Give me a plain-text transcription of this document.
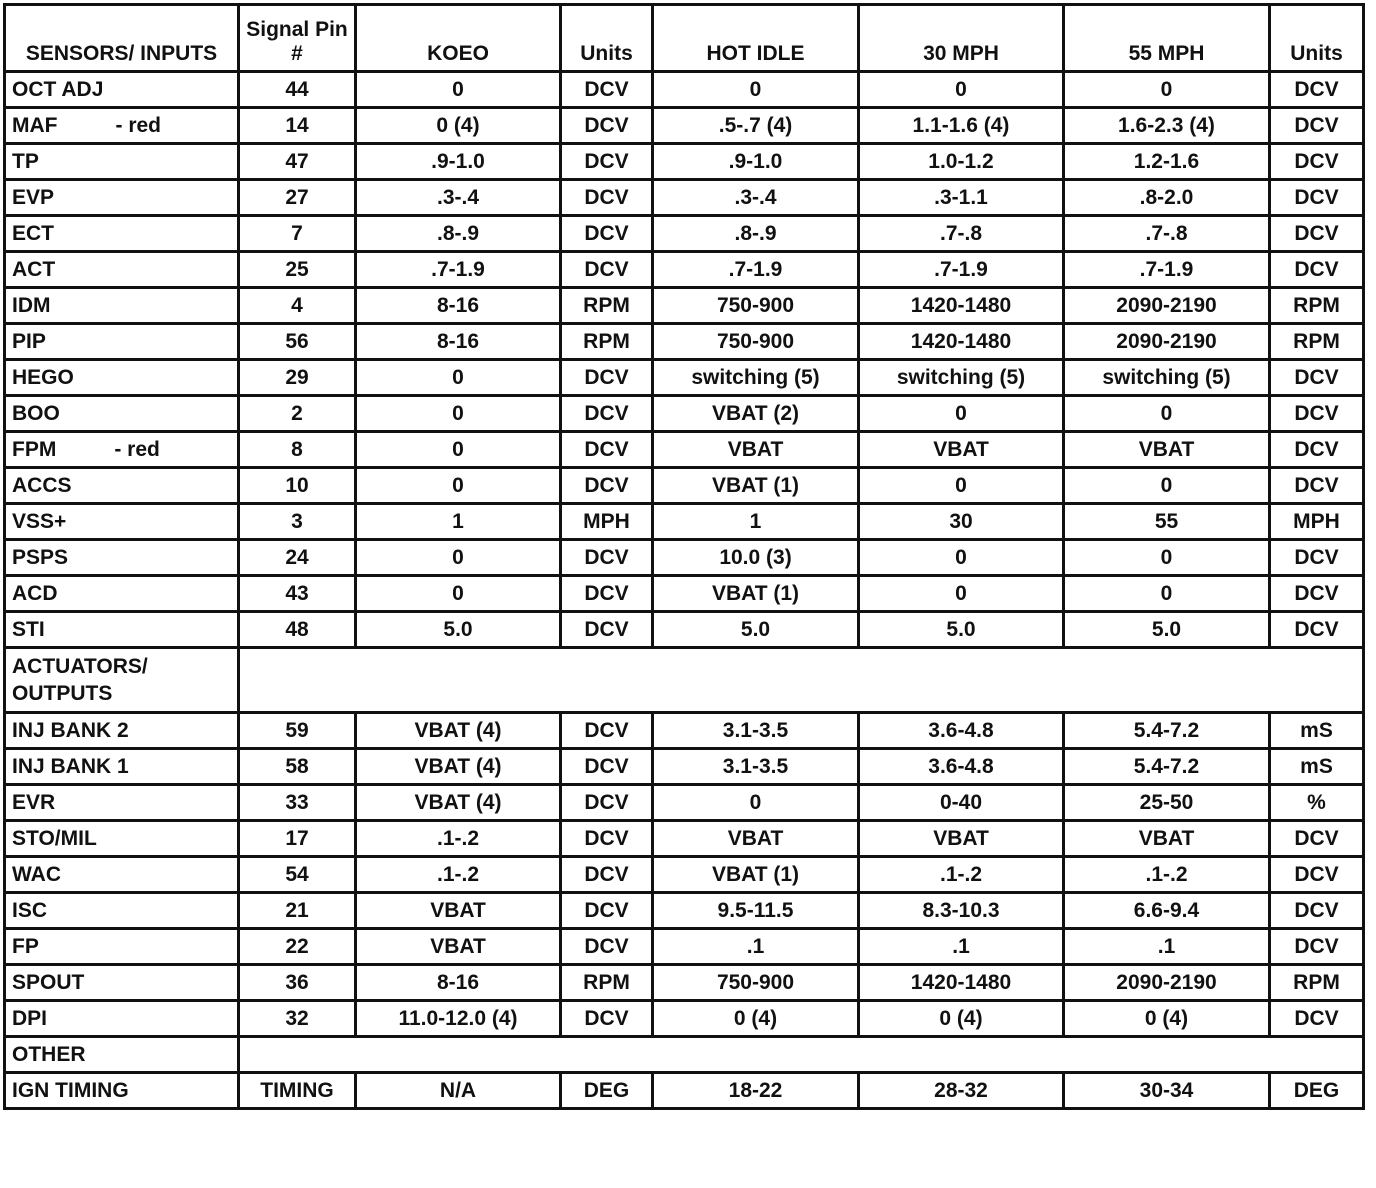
SENSORS/ INPUTS	Signal Pin #	KOEO	Units	HOT IDLE	30 MPH	55 MPH	Units
OCT ADJ	44	0	DCV	0	0	0	DCV
MAF - red	14	0 (4)	DCV	.5-.7 (4)	1.1-1.6 (4)	1.6-2.3 (4)	DCV
TP	47	.9-1.0	DCV	.9-1.0	1.0-1.2	1.2-1.6	DCV
EVP	27	.3-.4	DCV	.3-.4	.3-1.1	.8-2.0	DCV
ECT	7	.8-.9	DCV	.8-.9	.7-.8	.7-.8	DCV
ACT	25	.7-1.9	DCV	.7-1.9	.7-1.9	.7-1.9	DCV
IDM	4	8-16	RPM	750-900	1420-1480	2090-2190	RPM
PIP	56	8-16	RPM	750-900	1420-1480	2090-2190	RPM
HEGO	29	0	DCV	switching (5)	switching (5)	switching (5)	DCV
BOO	2	0	DCV	VBAT (2)	0	0	DCV
FPM - red	8	0	DCV	VBAT	VBAT	VBAT	DCV
ACCS	10	0	DCV	VBAT (1)	0	0	DCV
VSS+	3	1	MPH	1	30	55	MPH
PSPS	24	0	DCV	10.0 (3)	0	0	DCV
ACD	43	0	DCV	VBAT (1)	0	0	DCV
STI	48	5.0	DCV	5.0	5.0	5.0	DCV
ACTUATORS/ OUTPUTS							
INJ BANK 2	59	VBAT (4)	DCV	3.1-3.5	3.6-4.8	5.4-7.2	mS
INJ BANK 1	58	VBAT (4)	DCV	3.1-3.5	3.6-4.8	5.4-7.2	mS
EVR	33	VBAT (4)	DCV	0	0-40	25-50	%
STO/MIL	17	.1-.2	DCV	VBAT	VBAT	VBAT	DCV
WAC	54	.1-.2	DCV	VBAT (1)	.1-.2	.1-.2	DCV
ISC	21	VBAT	DCV	9.5-11.5	8.3-10.3	6.6-9.4	DCV
FP	22	VBAT	DCV	.1	.1	.1	DCV
SPOUT	36	8-16	RPM	750-900	1420-1480	2090-2190	RPM
DPI	32	11.0-12.0 (4)	DCV	0 (4)	0 (4)	0 (4)	DCV
OTHER							
IGN TIMING	TIMING	N/A	DEG	18-22	28-32	30-34	DEG
